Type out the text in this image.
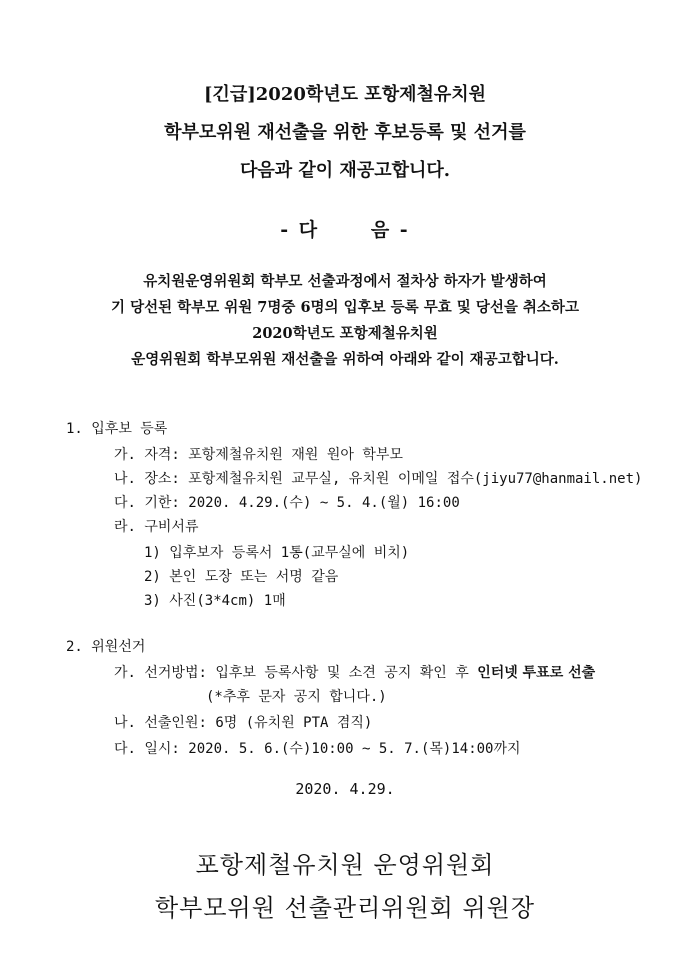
[긴급]2020학년도 포항제철유치원
학부모위원 재선출을 위한 후보등록 및 선거를
다음과 같이 재공고합니다.
- 다      음 -
유치원운영위원회 학부모 선출과정에서 절차상 하자가 발생하여
기 당선된 학부모 위원 7명중 6명의 입후보 등록 무효 및 당선을 취소하고
2020학년도 포항제철유치원
운영위원회 학부모위원 재선출을 위하여 아래와 같이 재공고합니다.
1. 입후보 등록
가. 자격: 포항제철유치원 재원 원아 학부모
나. 장소: 포항제철유치원 교무실, 유치원 이메일 접수(jiyu77@hanmail.net)
다. 기한: 2020. 4.29.(수) ~ 5. 4.(월) 16:00
라. 구비서류
1) 입후보자 등록서 1통(교무실에 비치)
2) 본인 도장 또는 서명 같음
3) 사진(3*4cm) 1매
2. 위원선거
가. 선거방법: 입후보 등록사항 및 소견 공지 확인 후 인터넷 투표로 선출
(*추후 문자 공지 합니다.)
나. 선출인원: 6명 (유치원 PTA 겸직)
다. 일시: 2020. 5. 6.(수)10:00 ~ 5. 7.(목)14:00까지
2020. 4.29.
포항제철유치원 운영위원회
학부모위원 선출관리위원회 위원장
